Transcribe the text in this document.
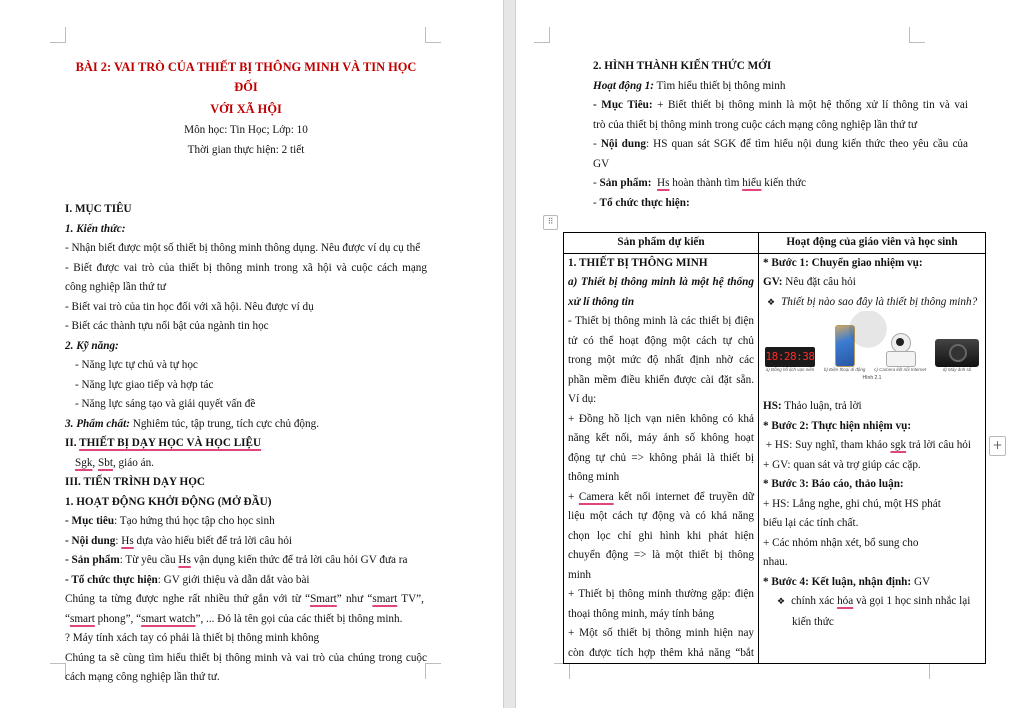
BÀI 2: VAI TRÒ CỦA THIẾT BỊ THÔNG MINH VÀ TIN HỌC ĐỐI
VỚI XÃ HỘI
Môn học: Tin Học; Lớp: 10
Thời gian thực hiện: 2 tiết
I. MỤC TIÊU
1. Kiến thức:
- Nhận biết được một số thiết bị thông minh thông dụng. Nêu được ví dụ cụ thể
- Biết được vai trò của thiết bị thông minh trong xã hội và cuộc cách mạng
công nghiệp lần thứ tư
- Biết vai trò của tin học đối với xã hội. Nêu được ví dụ
- Biết các thành tựu nổi bật của ngành tin học
2. Kỹ năng:
- Năng lực tự chủ và tự học
- Năng lực giao tiếp và hợp tác
- Năng lực sáng tạo và giải quyết vấn đề
3. Phẩm chất: Nghiêm túc, tập trung, tích cực chủ động.
II. THIẾT BỊ DẠY HỌC VÀ HỌC LIỆU
Sgk, Sbt, giáo án.
III. TIẾN TRÌNH DẠY HỌC
1. HOẠT ĐỘNG KHỞI ĐỘNG (MỞ ĐẦU)
- Mục tiêu: Tạo hứng thú học tập cho học sinh
- Nội dung: Hs dựa vào hiểu biết để trả lời câu hỏi
- Sản phẩm: Từ yêu cầu Hs vận dụng kiến thức để trả lời câu hỏi GV đưa ra
- Tổ chức thực hiện: GV giới thiệu và dẫn dắt vào bài
Chúng ta từng được nghe rất nhiều thứ gắn với từ “Smart” như “smart TV”,
“smart phong”, “smart watch”, ... Đó là tên gọi của các thiết bị thông minh.
? Máy tính xách tay có phải là thiết bị thông minh không
Chúng ta sẽ cùng tìm hiểu thiết bị thông minh và vai trò của chúng trong cuộc
cách mạng công nghiệp lần thứ tư.
2. HÌNH THÀNH KIẾN THỨC MỚI
Hoạt động 1: Tìm hiểu thiết bị thông minh
- Mục Tiêu: + Biết thiết bị thông minh là một hệ thống xử lí thông tin và vai
trò của thiết bị thông minh trong cuộc cách mạng công nghiệp lần thứ tư
- Nội dung: HS quan sát SGK để tìm hiểu nội dung kiến thức theo yêu cầu của
GV
- Sản phẩm: Hs hoàn thành tìm hiểu kiến thức
- Tổ chức thực hiện:
⠿
Sản phẩm dự kiến	Hoạt động của giáo viên và học sinh

1. THIẾT BỊ THÔNG MINH
a) Thiết bị thông minh là một hệ thống
xử lí thông tin
- Thiết bị thông minh là các thiết bị điện
tử có thể hoạt động một cách tự chủ
trong một mức độ nhất định nhờ các
phần mềm điều khiển được cài đặt sẵn.
Ví dụ:
+ Đồng hồ lịch vạn niên không có khả
năng kết nối, máy ảnh số không hoạt
động tự chủ => không phải là thiết bị
thông minh
+ Camera kết nối internet để truyền dữ
liệu một cách tự động và có khả năng
chọn lọc chỉ ghi hình khi phát hiện
chuyển động => là một thiết bị thông
minh
+ Thiết bị thông minh thường gặp: điện
thoại thông minh, máy tính bảng
+ Một số thiết bị thông minh hiện nay
còn được tích hợp thêm khả năng “bắt

* Bước 1: Chuyển giao nhiệm vụ:
GV: Nêu đặt câu hỏi
❖ Thiết bị nào sao đây là thiết bị thông minh?
18:28:38
a) Đồng hồ lịch vạn niên b) Điện thoại di động c) Camera kết nối Internet	d) Máy ảnh số
Hình 2.1
HS: Thảo luận, trả lời
* Bước 2: Thực hiện nhiệm vụ:
+ HS: Suy nghĩ, tham khảo sgk trả lời câu hỏi
+ GV: quan sát và trợ giúp các cặp.
* Bước 3: Báo cáo, thảo luận:
+ HS: Lắng nghe, ghi chú, một HS phát
biểu lại các tính chất.
+ Các nhóm nhận xét, bổ sung cho
nhau.
* Bước 4: Kết luận, nhận định: GV
❖ chính xác hóa và gọi 1 học sinh nhắc lại
kiến thức
+
